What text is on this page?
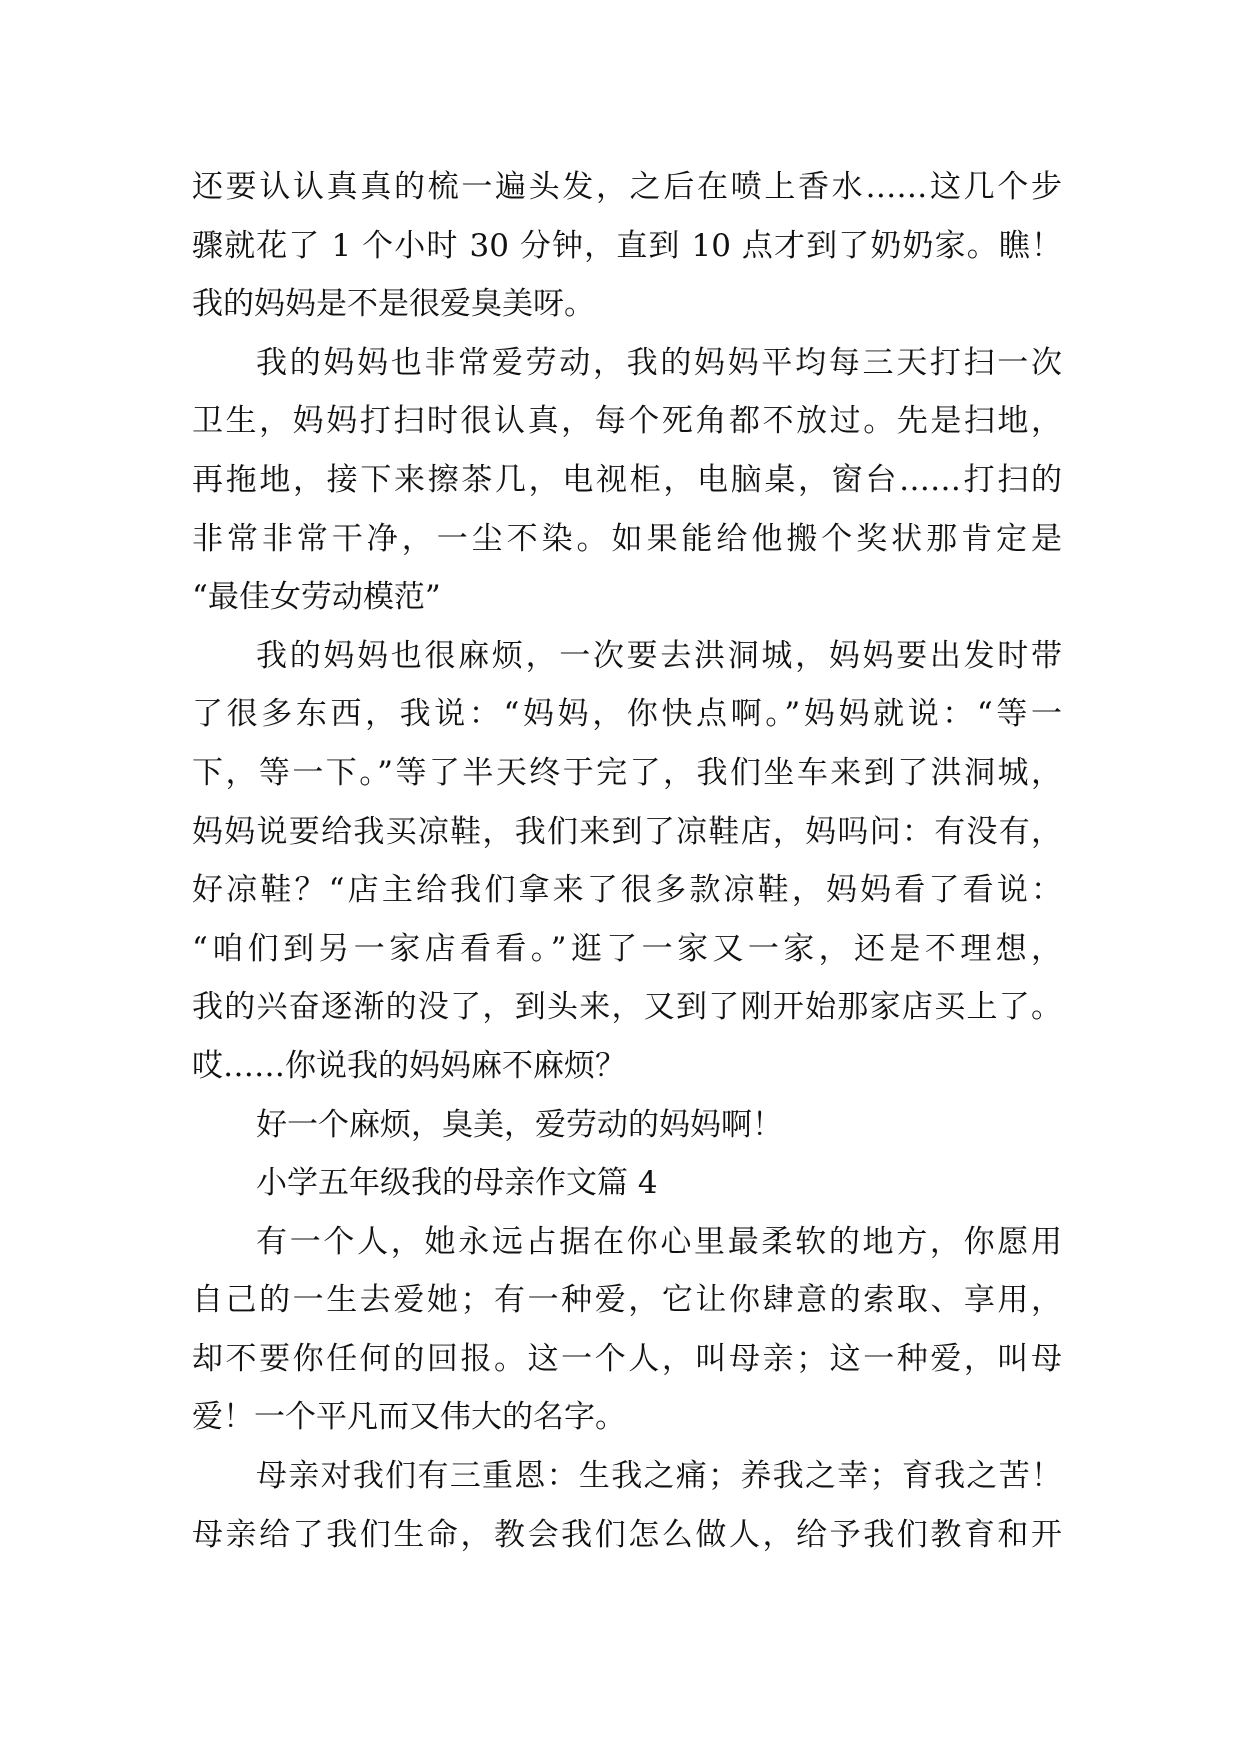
还要认认真真的梳一遍头发，之后在喷上香水……这几个步
骤就花了 1 个小时 30 分钟，直到 10 点才到了奶奶家。瞧！
我的妈妈是不是很爱臭美呀。
我的妈妈也非常爱劳动，我的妈妈平均每三天打扫一次
卫生，妈妈打扫时很认真，每个死角都不放过。先是扫地，
再拖地，接下来擦茶几，电视柜，电脑桌，窗台……打扫的
非常非常干净，一尘不染。如果能给他搬个奖状那肯定是
“最佳女劳动模范”
我的妈妈也很麻烦，一次要去洪洞城，妈妈要出发时带
了很多东西，我说：“妈妈，你快点啊。”妈妈就说：“等一
下，等一下。”等了半天终于完了，我们坐车来到了洪洞城，
妈妈说要给我买凉鞋，我们来到了凉鞋店，妈吗问：有没有，
好凉鞋？“店主给我们拿来了很多款凉鞋，妈妈看了看说：
“咱们到另一家店看看。”逛了一家又一家，还是不理想，
我的兴奋逐渐的没了，到头来，又到了刚开始那家店买上了。
哎……你说我的妈妈麻不麻烦？
好一个麻烦，臭美，爱劳动的妈妈啊！
小学五年级我的母亲作文篇 4
有一个人，她永远占据在你心里最柔软的地方，你愿用
自己的一生去爱她；有一种爱，它让你肆意的索取、享用，
却不要你任何的回报。这一个人，叫母亲；这一种爱，叫母
爱！一个平凡而又伟大的名字。
母亲对我们有三重恩：生我之痛；养我之幸；育我之苦！
母亲给了我们生命，教会我们怎么做人，给予我们教育和开
